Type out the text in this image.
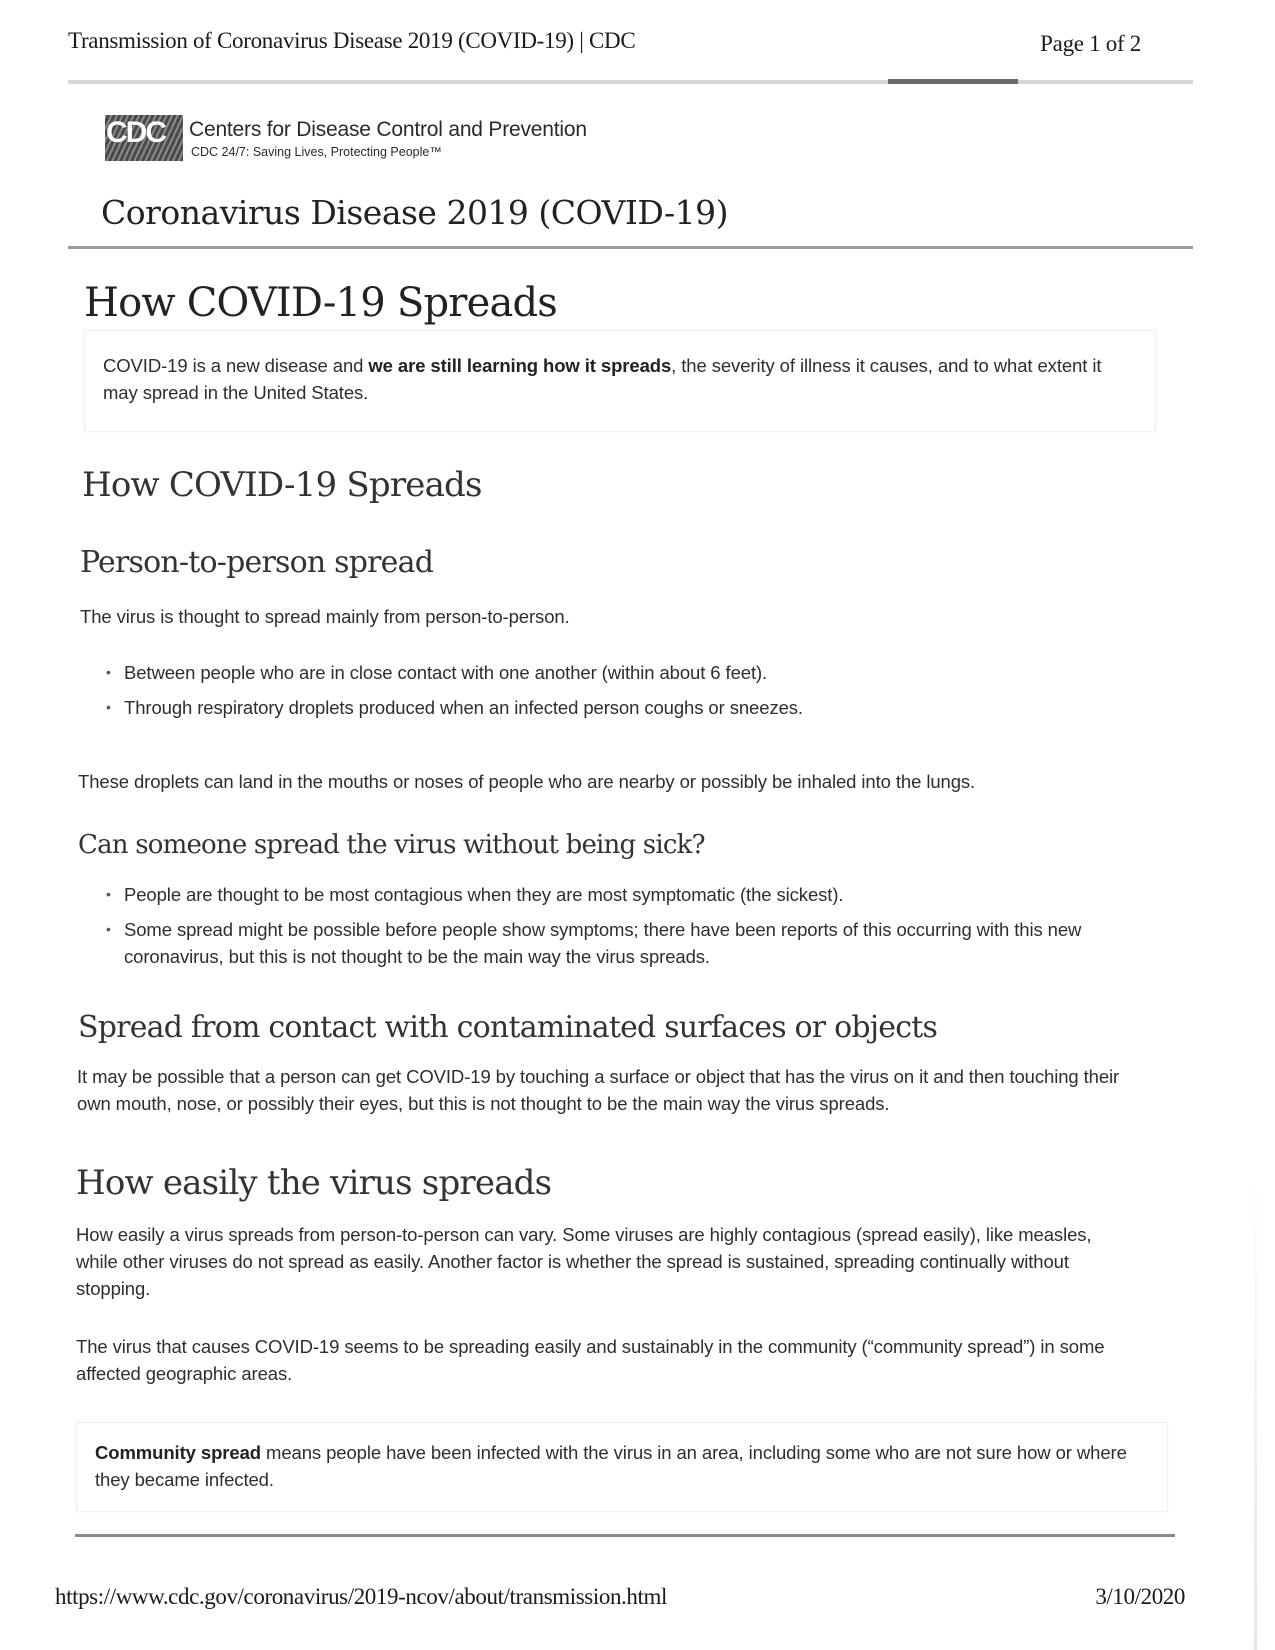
Transmission of Coronavirus Disease 2019 (COVID-19) | CDC	Page 1 of 2
CDC Centers for Disease Control and Prevention
CDC 24/7: Saving Lives, Protecting People™
Coronavirus Disease 2019 (COVID-19)
How COVID-19 Spreads
COVID-19 is a new disease and we are still learning how it spreads, the severity of illness it causes, and to what extent it may spread in the United States.
How COVID-19 Spreads
Person-to-person spread
The virus is thought to spread mainly from person-to-person.
• Between people who are in close contact with one another (within about 6 feet).
• Through respiratory droplets produced when an infected person coughs or sneezes.
These droplets can land in the mouths or noses of people who are nearby or possibly be inhaled into the lungs.
Can someone spread the virus without being sick?
• People are thought to be most contagious when they are most symptomatic (the sickest).
• Some spread might be possible before people show symptoms; there have been reports of this occurring with this new coronavirus, but this is not thought to be the main way the virus spreads.
Spread from contact with contaminated surfaces or objects
It may be possible that a person can get COVID-19 by touching a surface or object that has the virus on it and then touching their own mouth, nose, or possibly their eyes, but this is not thought to be the main way the virus spreads.
How easily the virus spreads
How easily a virus spreads from person-to-person can vary. Some viruses are highly contagious (spread easily), like measles, while other viruses do not spread as easily. Another factor is whether the spread is sustained, spreading continually without stopping.
The virus that causes COVID-19 seems to be spreading easily and sustainably in the community (“community spread”) in some affected geographic areas.
Community spread means people have been infected with the virus in an area, including some who are not sure how or where they became infected.
https://www.cdc.gov/coronavirus/2019-ncov/about/transmission.html	3/10/2020
